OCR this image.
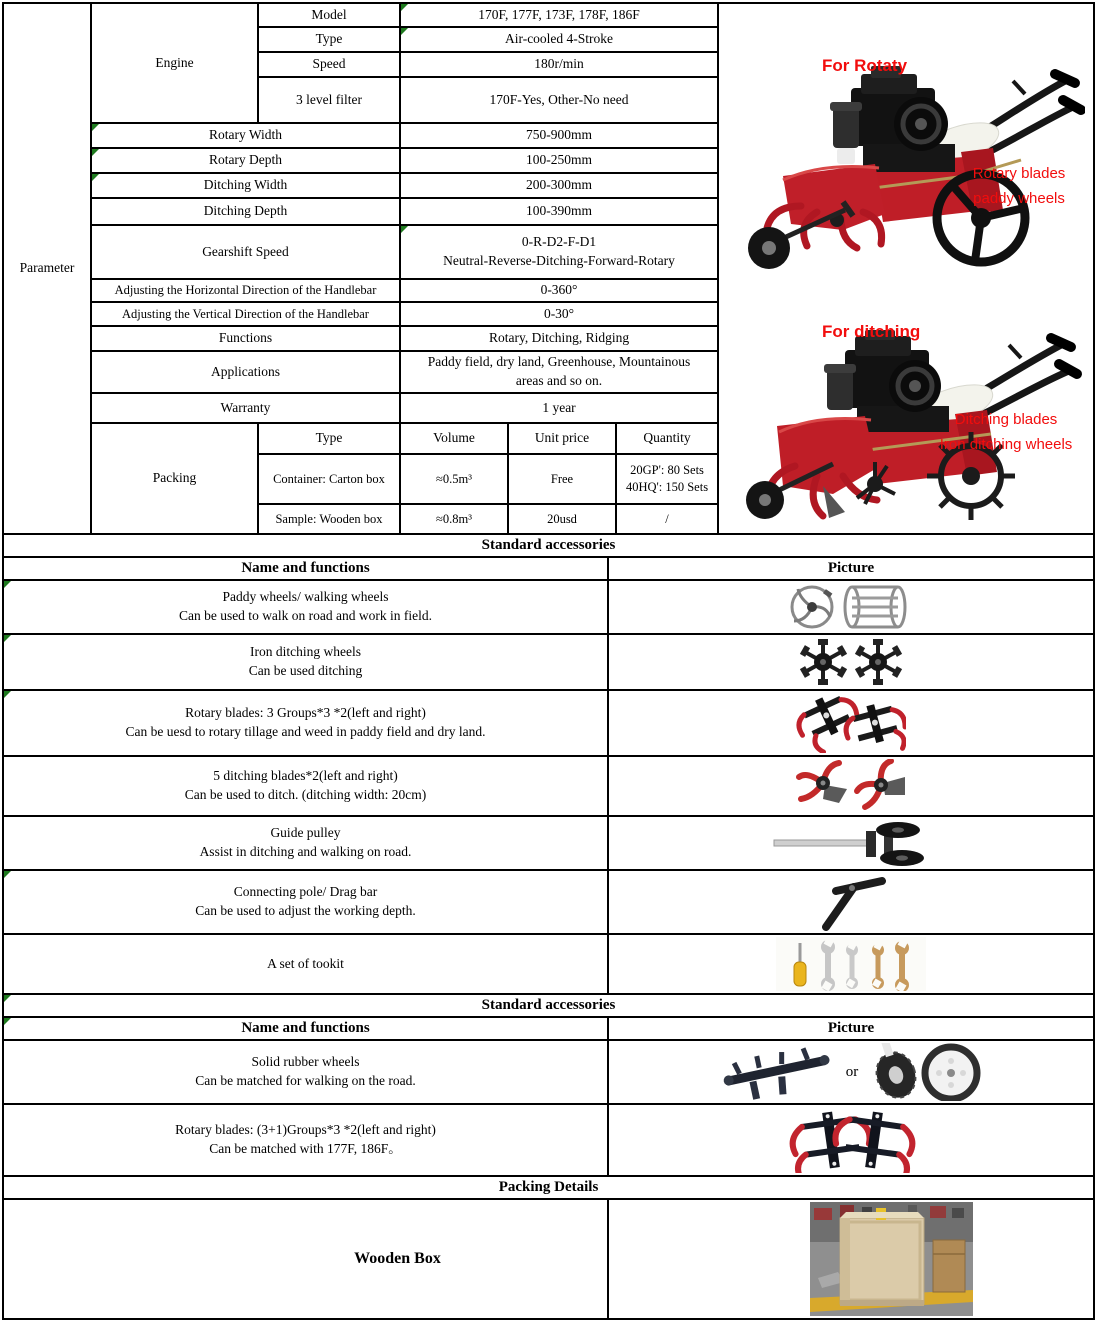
Parameter	Engine	Model	170F, 177F, 173F, 178F, 186F	
For Rotaty
Rotary blades
paddy wheels
For ditching
Ditching blades
Iron ditching wheels

		Type	Air-cooled 4-Stroke			
		Speed	180r/min			
		3 level filter	170F-Yes, Other-No need			
	Rotary Width		750-900mm			
	Rotary Depth		100-250mm			
	Ditching Width		200-300mm			
	Ditching Depth		100-390mm			
	Gearshift Speed		0-R-D2-F-D1
Neutral-Reverse-Ditching-Forward-Rotary			

	Adjusting the Horizontal Direction of the Handlebar		0-360°			
	Adjusting the Vertical Direction of the Handlebar		0-30°			
	Functions		Rotary, Ditching, Ridging			
	Applications		Paddy field, dry land, Greenhouse, Mountainous
areas and so on.			

	Warranty		1 year			
	Packing	Type	Volume	Unit price	Quantity	
		Container: Carton box	≈0.5m³	Free	20GP': 80 Sets
40HQ': 150 Sets	

		Sample: Wooden box	≈0.8m³	20usd	/	
Standard accessories	
Name and functions	Picture

Paddy wheels/ walking wheels
Can be used to walk on road and work in field.

Iron ditching wheels
Can be used ditching

Rotary blades: 3 Groups*3 *2(left and right)
Can be uesd to rotary tillage and weed in paddy field and dry land.

5 ditching blades*2(left and right)
Can be used to ditch. (ditching width: 20cm)

Guide pulley
Assist in ditching and walking on road.

Connecting pole/ Drag bar
Can be used to adjust the working depth.

A set of tookit

Standard accessories	
Name and functions	Picture

Solid rubber wheels
Can be matched for walking on the road.	or

Rotary blades: (3+1)Groups*3 *2(left and right)
Can be matched with 177F, 186F。

Packing Details
Wooden Box	
